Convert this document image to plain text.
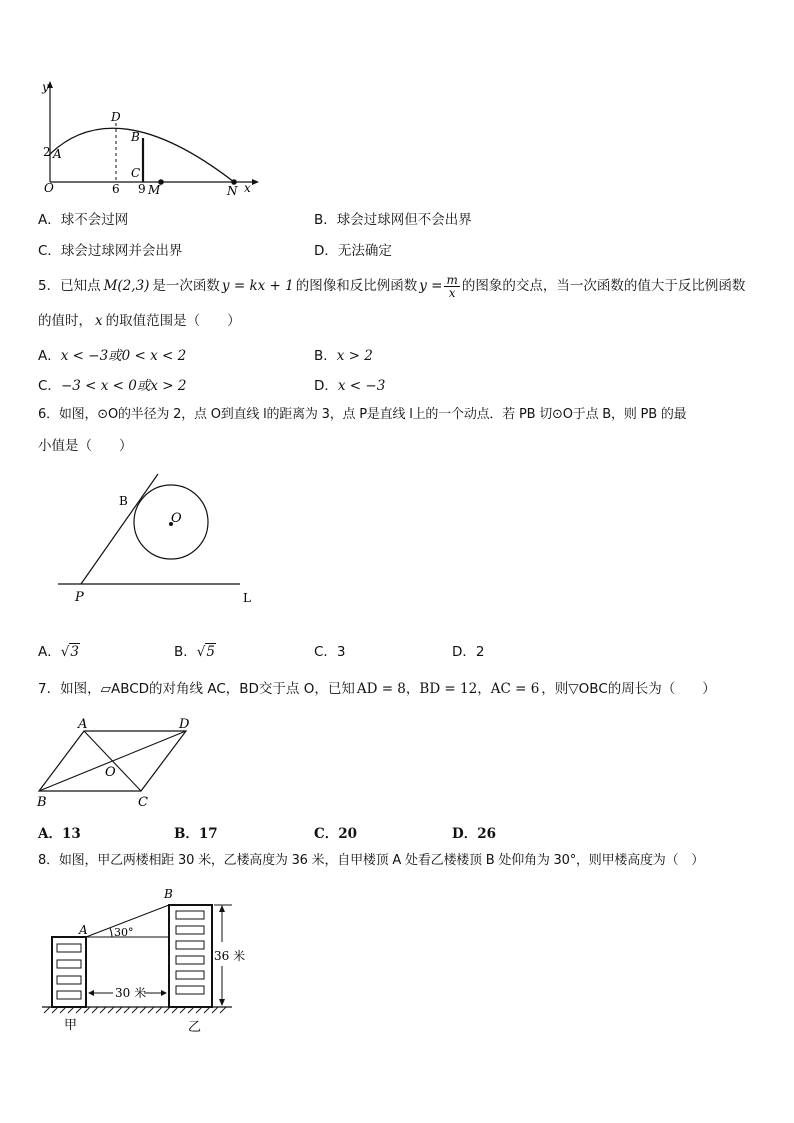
y
x
O
2 A
D
B
C
6 9 M	N
A．球不会过网	B．球会过球网但不会出界
C．球会过球网并会出界	D．无法确定
5．已知点 M(2,3) 是一次函数 y = kx + 1 的图像和反比例函数 $y = \frac{m}{x}$ 的图象的交点，当一次函数的值大于反比例函数
的值时， x 的取值范围是（　　）
A．x < −3或0 < x < 2	B．x > 2
C．−3 < x < 0或x > 2	D．x < −3
6．如图，⊙O的半径为 2，点 O到直线 l的距离为 3，点 P是直线 l上的一个动点．若 PB 切⊙O于点 B，则 PB 的最
小值是（　　）
B
O
P	L
A．√3	B．√5	C．3	D．2
7．如图，▱ABCD的对角线 AC，BD交于点 O，已知 AD = 8，BD = 12，AC = 6 ，则▽OBC的周长为（　　）
A	D
O
B	C
A．13	B．17	C．20	D．26
8．如图，甲乙两楼相距 30 米，乙楼高度为 36 米，自甲楼顶 A 处看乙楼楼顶 B 处仰角为 30°，则甲楼高度为（　）
A
B
30°
30 米
36 米
甲	乙
